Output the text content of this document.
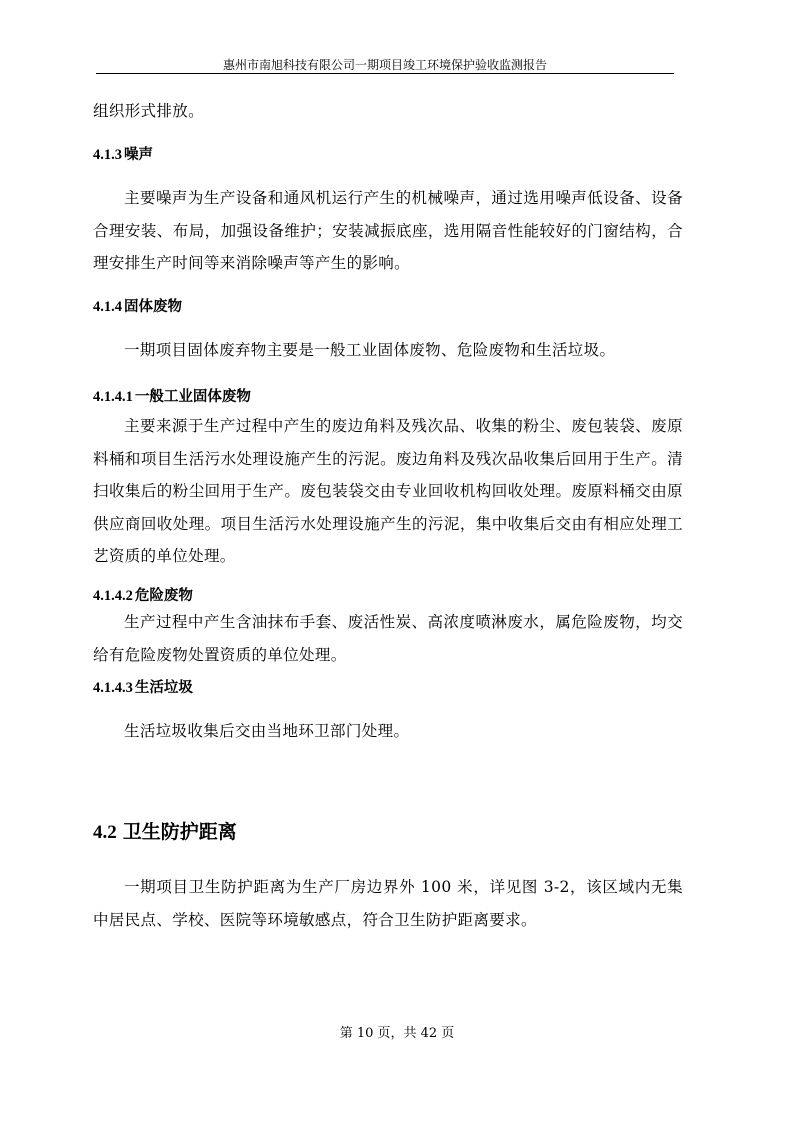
惠州市南旭科技有限公司一期项目竣工环境保护验收监测报告

组织形式排放。

4.1.3 噪声

主要噪声为生产设备和通风机运行产生的机械噪声，通过选用噪声低设备、设备合理安装、布局，加强设备维护；安装减振底座，选用隔音性能较好的门窗结构，合理安排生产时间等来消除噪声等产生的影响。

4.1.4 固体废物

一期项目固体废弃物主要是一般工业固体废物、危险废物和生活垃圾。

4.1.4.1 一般工业固体废物

主要来源于生产过程中产生的废边角料及残次品、收集的粉尘、废包装袋、废原料桶和项目生活污水处理设施产生的污泥。废边角料及残次品收集后回用于生产。清扫收集后的粉尘回用于生产。废包装袋交由专业回收机构回收处理。废原料桶交由原供应商回收处理。项目生活污水处理设施产生的污泥，集中收集后交由有相应处理工艺资质的单位处理。

4.1.4.2 危险废物

生产过程中产生含油抹布手套、废活性炭、高浓度喷淋废水，属危险废物，均交给有危险废物处置资质的单位处理。

4.1.4.3 生活垃圾

生活垃圾收集后交由当地环卫部门处理。

4.2 卫生防护距离

一期项目卫生防护距离为生产厂房边界外 100 米，详见图 3-2，该区域内无集中居民点、学校、医院等环境敏感点，符合卫生防护距离要求。

第 10 页，共 42 页
